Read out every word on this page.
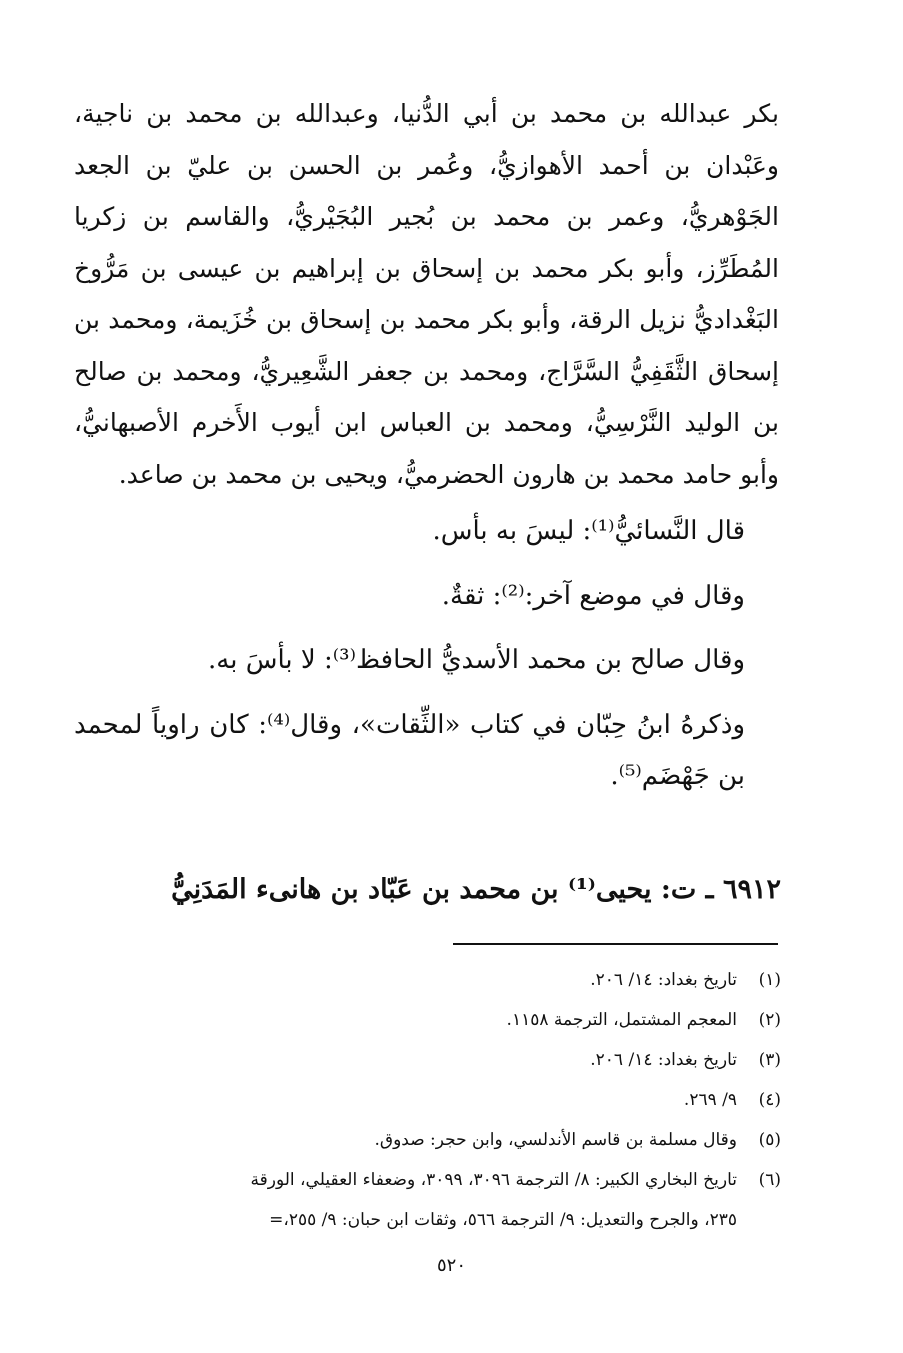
بكر عبدالله بن محمد بن أبي الدُّنيا، وعبدالله بن محمد بن ناجية، وعَبْدان بن أحمد الأهوازيُّ، وعُمر بن الحسن بن عليّ بن الجعد الجَوْهريُّ، وعمر بن محمد بن بُجير البُجَيْريُّ، والقاسم بن زكريا المُطَرِّز، وأبو بكر محمد بن إسحاق بن إبراهيم بن عيسى بن مَرُّوخ البَغْداديُّ نزيل الرقة، وأبو بكر محمد بن إسحاق بن خُزَيمة، ومحمد بن إسحاق الثَّقَفِيُّ السَّرَّاج، ومحمد بن جعفر الشَّعِيريُّ، ومحمد بن صالح بن الوليد النَّرْسِيُّ، ومحمد بن العباس ابن أيوب الأَخرم الأصبهانيُّ، وأبو حامد محمد بن هارون الحضرميُّ، ويحيى بن محمد بن صاعد.

قال النَّسائيُّ⁽¹⁾: ليسَ به بأس.

وقال في موضع آخر:⁽²⁾: ثقةٌ.

وقال صالح بن محمد الأسديُّ الحافظ⁽³⁾: لا بأسَ به.

وذكرهُ ابنُ حِبّان في كتاب «الثِّقات»، وقال⁽⁴⁾: كان راوياً لمحمد بن جَهْضَم⁽⁵⁾.

٦٩١٢ ـ ت: يحيى⁽¹⁾ بن محمد بن عَبّاد بن هانىء المَدَنِيُّ
(١)
تاريخ بغداد: ١٤/ ٢٠٦.
(٢)
المعجم المشتمل، الترجمة ١١٥٨.
(٣)
تاريخ بغداد: ١٤/ ٢٠٦.
(٤)
٩/ ٢٦٩.
(٥)
وقال مسلمة بن قاسم الأندلسي، وابن حجر: صدوق.
(٦)
تاريخ البخاري الكبير: ٨/ الترجمة ٣٠٩٦، ٣٠٩٩، وضعفاء العقيلي، الورقة
٢٣٥، والجرح والتعديل: ٩/ الترجمة ٥٦٦، وثقات ابن حبان: ٩/ ٢٥٥،=
٥٢٠
